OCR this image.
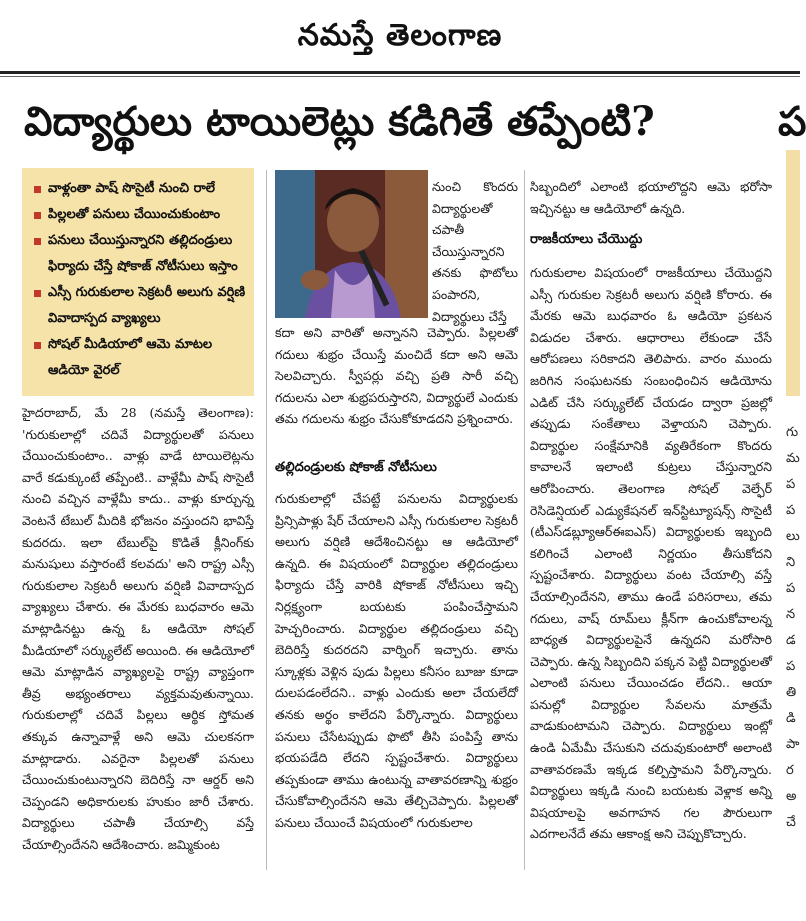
నమస్తే తెలంగాణ
విద్యార్థులు టాయిలెట్లు కడిగితే తప్పేంటి?	ప
గు
మ
ప
ప
లు
ని
ప
న
డ
ప
తి
డి
పా
ర
అ
చే
వాళ్లంతా పాష్ సొసైటీ నుంచి రాలే
పిల్లలతో పనులు చేయించుకుంటాం
పనులు చేయిస్తున్నారని తల్లిదండ్రులు ఫిర్యాదు చేస్తే షోకాజ్ నోటీసులు ఇస్తాం
ఎస్సీ గురుకులాల సెక్రటరీ అలుగు వర్షిణి వివాదాస్పద వ్యాఖ్యలు
సోషల్ మీడియాలో ఆమె మాటల ఆడియో వైరల్

హైదరాబాద్, మే 28 (నమస్తే తెలంగాణ): 'గురుకులాల్లో చదివే విద్యార్థులతో పనులు చేయించుకుంటాం.. వాళ్లు వాడే టాయిలెట్లను వారే కడుక్కుంటే తప్పేంటి.. వాళ్లేమీ పాష్ సొసైటీ నుంచి వచ్చిన వాళ్లేమీ కాదు.. వాళ్లు కూర్చున్న వెంటనే టేబుల్ మీదికి భోజనం వస్తుందని భావిస్తే కుదరదు. ఇలా టేబుల్‌పై కొడితే క్లీనింగ్‌కు మనుషులు వస్తారంటే కలవదు' అని రాష్ట్ర ఎస్సీ గురుకులాల సెక్రటరీ అలుగు వర్షిణి వివాదాస్పద వ్యాఖ్యలు చేశారు. ఈ మేరకు బుధవారం ఆమె మాట్లాడినట్టు ఉన్న ఓ ఆడియో సోషల్ మీడియాలో సర్క్యులేట్ అయింది. ఈ ఆడియోలో ఆమె మాట్లాడిన వ్యాఖ్యలపై రాష్ట్ర వ్యాప్తంగా తీవ్ర అభ్యంతరాలు వ్యక్తమవుతున్నాయి. గురుకులాల్లో చదివే పిల్లలు ఆర్థిక స్తోమత తక్కువ ఉన్నావాళ్లే అని ఆమె చులకనగా మాట్లాడారు. ఎవరైనా పిల్లలతో పనులు చేయించుకుంటున్నారని బెదిరిస్తే నా ఆర్డర్ అని చెప్పండని అధికారులకు హుకుం జారీ చేశారు. విద్యార్థులు చపాతీ చేయాల్సి వస్తే చేయాల్సిందేనని ఆదేశించారు. జమ్మికుంట

నుంచి కొందరు విద్యార్థులతో చపాతీ చేయిస్తున్నారని తనకు ఫొటోలు పంపారని, విద్యార్థులు చేస్తే

కదా అని వారితో అన్నానని చెప్పారు. పిల్లలతో గదులు శుభ్రం చేయిస్తే మంచిదే కదా అని ఆమె సెలవిచ్చారు. స్వీపర్లు వచ్చి ప్రతి సారీ వచ్చి గదులను ఎలా శుభ్రపరుస్తారని, విద్యార్థులే ఎందుకు తమ గదులను శుభ్రం చేసుకోకూడదని ప్రశ్నించారు.

తల్లిదండ్రులకు షోకాజ్ నోటీసులు

గురుకులాల్లో చేపట్టే పనులను విద్యార్థులకు ప్రిన్సిపాళ్లు షేర్ చేయాలని ఎస్సీ గురుకులాల సెక్రటరీ అలుగు వర్షిణి ఆదేశించినట్టు ఆ ఆడియోలో ఉన్నది. ఈ విషయంలో విద్యార్థుల తల్లిదండ్రులు ఫిర్యాదు చేస్తే వారికి షోకాజ్ నోటీసులు ఇచ్చి నిర్లక్ష్యంగా బయటకు పంపించేస్తామని హెచ్చరించారు. విద్యార్థుల తల్లిదండ్రులు వచ్చి బెదిరిస్తే కుదరదని వార్నింగ్ ఇచ్చారు. తాను స్కూళ్లకు వెళ్లిన పుడు పిల్లలు కనీసం బూజు కూడా దులపడంలేదని.. వాళ్లు ఎందుకు అలా చేయలేదో తనకు అర్థం కాలేదని పేర్కొన్నారు. విద్యార్థులు పనులు చేసేటప్పుడు ఫొటో తీసి పంపిస్తే తాను భయపడేది లేదని స్పష్టంచేశారు. విద్యార్థులు తప్పకుండా తాము ఉంటున్న వాతావరణాన్ని శుభ్రం చేసుకోవాల్సిందేనని ఆమె తేల్చిచెప్పారు. పిల్లలతో పనులు చేయించే విషయంలో గురుకులాల

సిబ్బందిలో ఎలాంటి భయాలొద్దని ఆమె భరోసా ఇచ్చినట్టు ఆ ఆడియోలో ఉన్నది.

రాజకీయాలు చేయొద్దు

గురుకులాల విషయంలో రాజకీయాలు చేయొద్దని ఎస్సీ గురుకుల సెక్రటరీ అలుగు వర్షిణి కోరారు. ఈ మేరకు ఆమె బుధవారం ఓ ఆడియో ప్రకటన విడుదల చేశారు. ఆధారాలు లేకుండా చేసే ఆరోపణలు సరికాదని తెలిపారు. వారం ముందు జరిగిన సంఘటనకు సంబంధించిన ఆడియోను ఎడిట్ చేసి సర్క్యులేట్ చేయడం ద్వారా ప్రజల్లో తప్పుడు సంకేతాలు వెళ్తాయని చెప్పారు. విద్యార్థుల సంక్షేమానికి వ్యతిరేకంగా కొందరు కావాలనే ఇలాంటి కుట్రలు చేస్తున్నారని ఆరోపించారు. తెలంగాణ సోషల్ వెల్ఫేర్ రెసిడెన్షియల్ ఎడ్యుకేషనల్ ఇన్‌స్టిట్యూషన్స్ సొసైటీ (టీఎస్‌డబ్ల్యూఆర్‌ఈఐఎస్) విద్యార్థులకు ఇబ్బంది కలిగించే ఎలాంటి నిర్ణయం తీసుకోదని స్పష్టంచేశారు. విద్యార్థులు వంట చేయాల్సి వస్తే చేయాల్సిందేనని, తాము ఉండే పరిసరాలు, తమ గదులు, వాష్ రూమ్‌లు క్లీన్‌గా ఉంచుకోవాలన్న బాధ్యత విద్యార్థులపైనే ఉన్నదని మరోసారి చెప్పారు. ఉన్న సిబ్బందిని పక్కన పెట్టి విద్యార్థులతో ఎలాంటి పనులు చేయించడం లేదని.. ఆయా పనుల్లో విద్యార్థుల సేవలను మాత్రమే వాడుకుంటామని చెప్పారు. విద్యార్థులు ఇంట్లో ఉండి ఏమేమీ చేసుకుని చదువుకుంటారో అలాంటి వాతావరణమే ఇక్కడ కల్పిస్తామని పేర్కొన్నారు. విద్యార్థులు ఇక్కడి నుంచి బయటకు వెళ్లాక అన్ని విషయాలపై అవగాహన గల పౌరులుగా ఎదగాలనేదే తమ ఆకాంక్ష అని చెప్పుకొచ్చారు.
